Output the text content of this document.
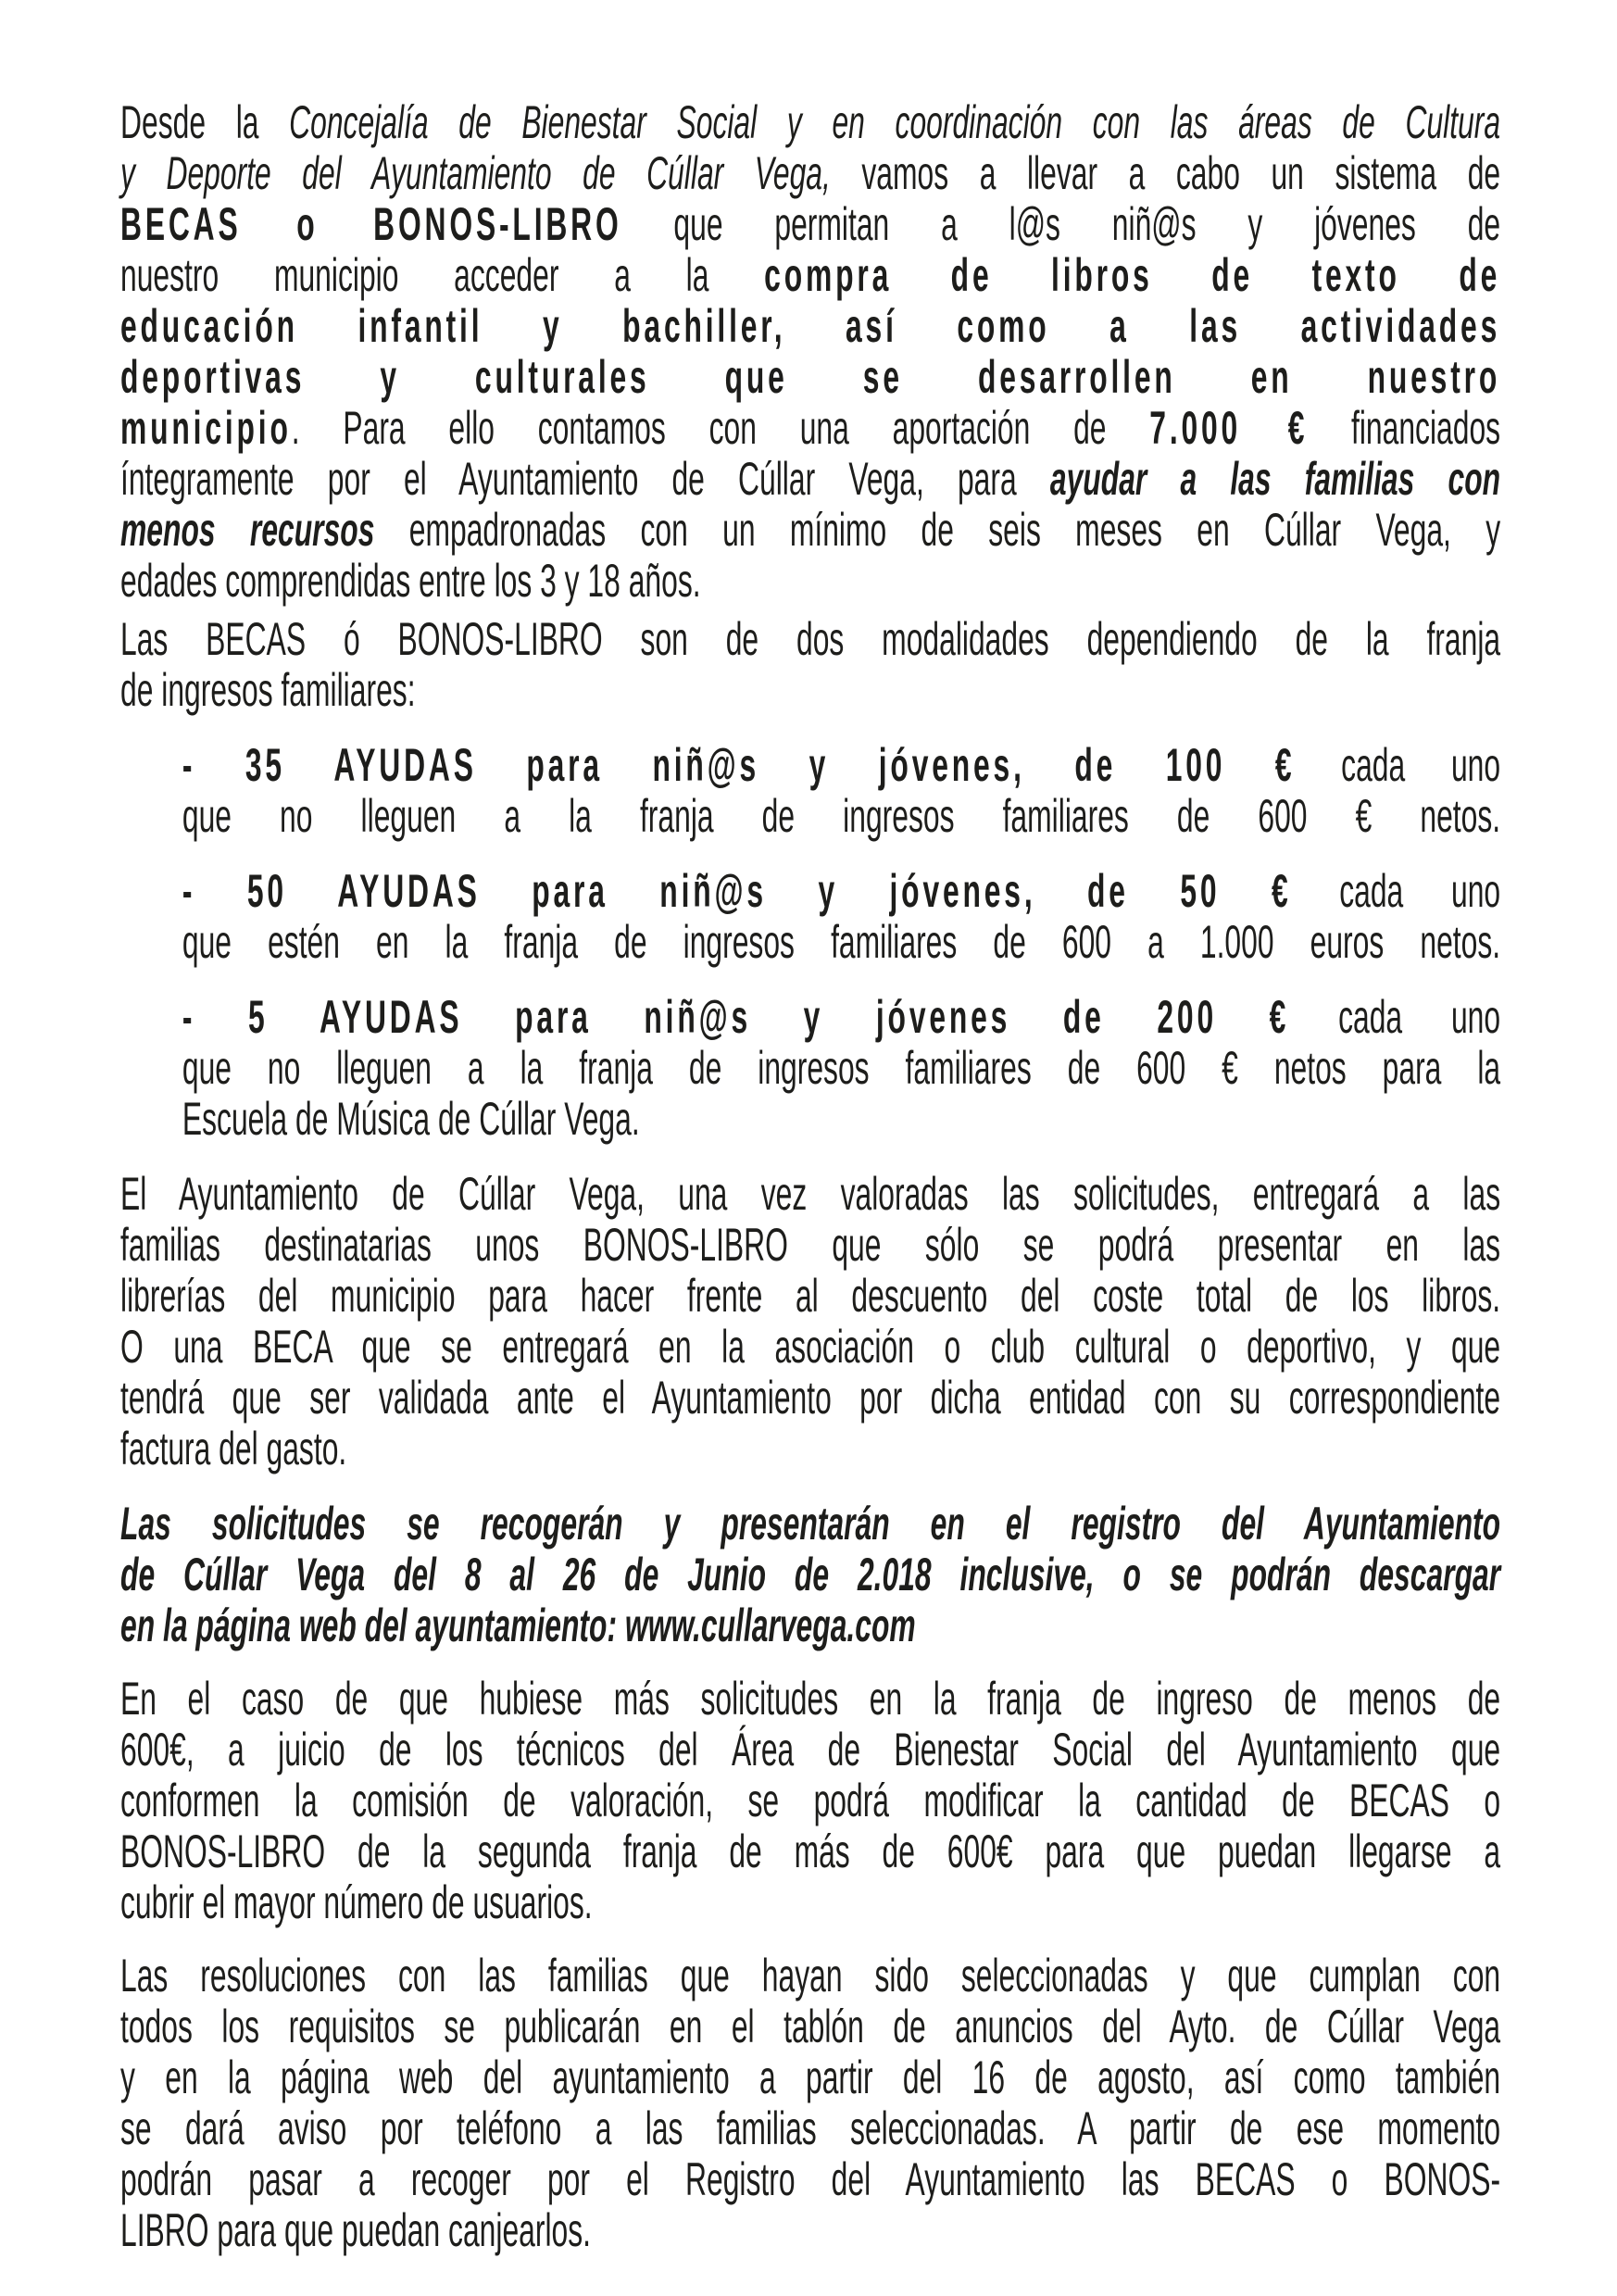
Desde la Concejalía de Bienestar Social y en coordinación con las áreas de Cultura
y Deporte del Ayuntamiento de Cúllar Vega, vamos a llevar a cabo un sistema de
BECAS o BONOS-LIBRO que permitan a l@s niñ@s y jóvenes de
nuestro municipio acceder a la compra de libros de texto de
educación infantil y bachiller, así como a las actividades
deportivas y culturales que se desarrollen en nuestro
municipio. Para ello contamos con una aportación de 7.000 € financiados
íntegramente por el Ayuntamiento de Cúllar Vega, para ayudar a las familias con
menos recursos empadronadas con un mínimo de seis meses en Cúllar Vega, y
edades comprendidas entre los 3 y 18 años.
Las BECAS ó BONOS-LIBRO son de dos modalidades dependiendo de la franja
de ingresos familiares:
- 35 AYUDAS para niñ@s y jóvenes, de 100 € cada uno
que no lleguen a la franja de ingresos familiares de 600 € netos.
- 50 AYUDAS para niñ@s y jóvenes, de 50 € cada uno
que estén en la franja de ingresos familiares de 600 a 1.000 euros netos.
- 5 AYUDAS para niñ@s y jóvenes de 200 € cada uno
que no lleguen a la franja de ingresos familiares de 600 € netos para la
Escuela de Música de Cúllar Vega.
El Ayuntamiento de Cúllar Vega, una vez valoradas las solicitudes, entregará a las
familias destinatarias unos BONOS-LIBRO que sólo se podrá presentar en las
librerías del municipio para hacer frente al descuento del coste total de los libros.
O una BECA que se entregará en la asociación o club cultural o deportivo, y que
tendrá que ser validada ante el Ayuntamiento por dicha entidad con su correspondiente
factura del gasto.
Las solicitudes se recogerán y presentarán en el registro del Ayuntamiento
de Cúllar Vega del 8 al 26 de Junio de 2.018 inclusive, o se podrán descargar
en la página web del ayuntamiento: www.cullarvega.com
En el caso de que hubiese más solicitudes en la franja de ingreso de menos de
600€, a juicio de los técnicos del Área de Bienestar Social del Ayuntamiento que
conformen la comisión de valoración, se podrá modificar la cantidad de BECAS o
BONOS-LIBRO de la segunda franja de más de 600€ para que puedan llegarse a
cubrir el mayor número de usuarios.
Las resoluciones con las familias que hayan sido seleccionadas y que cumplan con
todos los requisitos se publicarán en el tablón de anuncios del Ayto. de Cúllar Vega
y en la página web del ayuntamiento a partir del 16 de agosto, así como también
se dará aviso por teléfono a las familias seleccionadas. A partir de ese momento
podrán pasar a recoger por el Registro del Ayuntamiento las BECAS o BONOS-
LIBRO para que puedan canjearlos.
